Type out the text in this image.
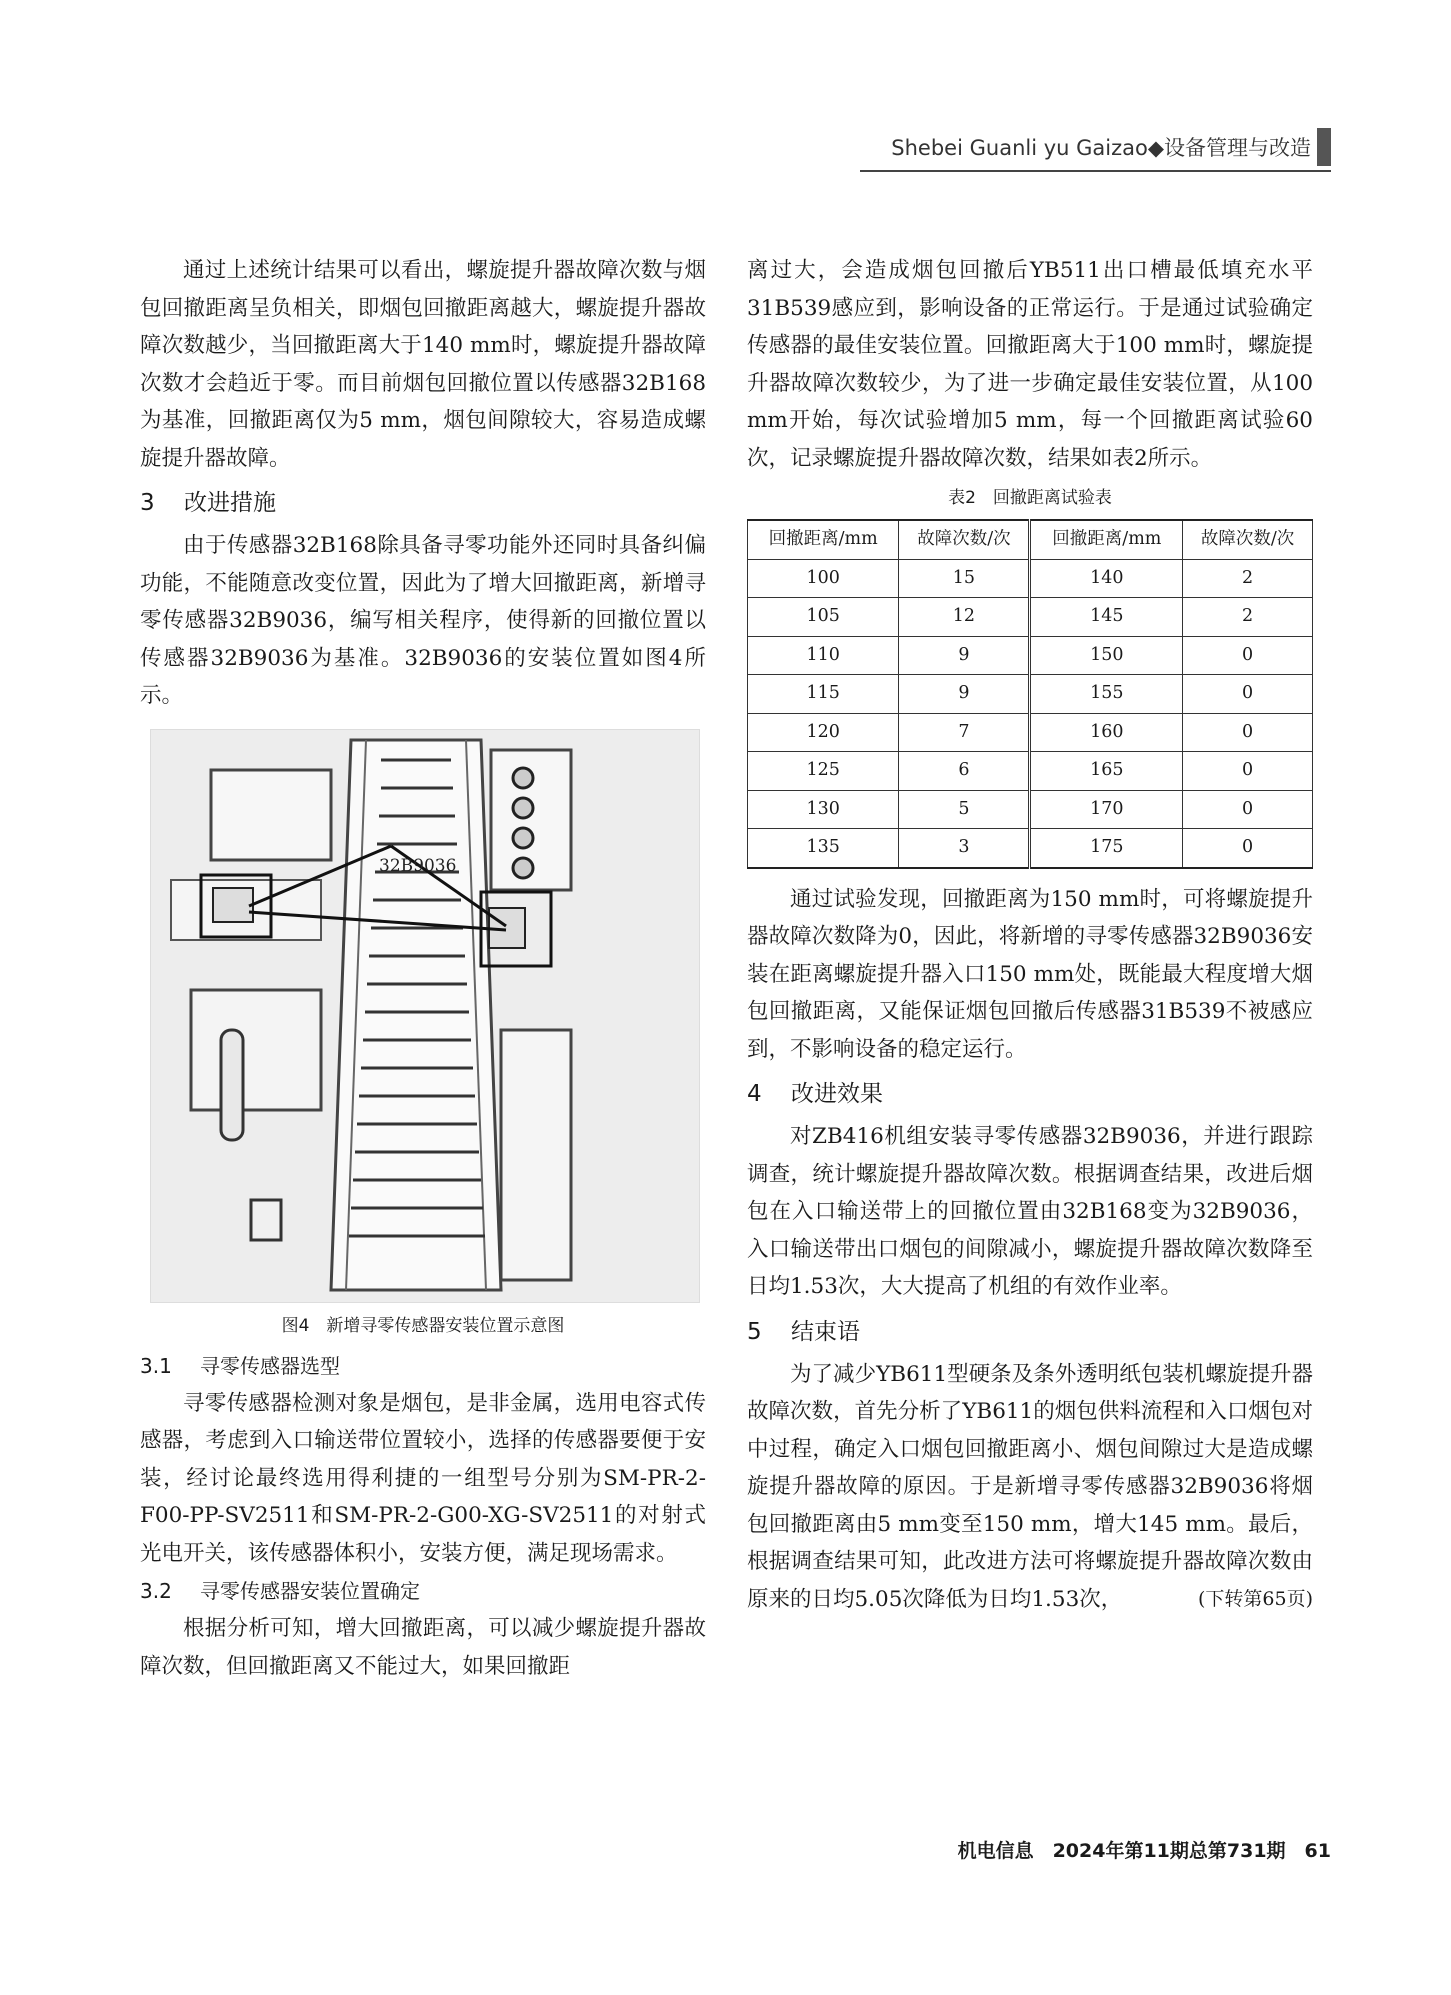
Shebei Guanli yu Gaizao◆设备管理与改造

通过上述统计结果可以看出，螺旋提升器故障次数与烟包回撤距离呈负相关，即烟包回撤距离越大，螺旋提升器故障次数越少，当回撤距离大于140 mm时，螺旋提升器故障次数才会趋近于零。而目前烟包回撤位置以传感器32B168为基准，回撤距离仅为5 mm，烟包间隙较大，容易造成螺旋提升器故障。

3 改进措施

由于传感器32B168除具备寻零功能外还同时具备纠偏功能，不能随意改变位置，因此为了增大回撤距离，新增寻零传感器32B9036，编写相关程序，使得新的回撤位置以传感器32B9036为基准。32B9036的安装位置如图4所示。

32B9036
图4　新增寻零传感器安装位置示意图
3.1 寻零传感器选型

寻零传感器检测对象是烟包，是非金属，选用电容式传感器，考虑到入口输送带位置较小，选择的传感器要便于安装，经讨论最终选用得利捷的一组型号分别为SM-PR-2-F00-PP-SV2511和SM-PR-2-G00-XG-SV2511的对射式光电开关，该传感器体积小，安装方便，满足现场需求。

3.2 寻零传感器安装位置确定

根据分析可知，增大回撤距离，可以减少螺旋提升器故障次数，但回撤距离又不能过大，如果回撤距

离过大，会造成烟包回撤后YB511出口槽最低填充水平31B539感应到，影响设备的正常运行。于是通过试验确定传感器的最佳安装位置。回撤距离大于100 mm时，螺旋提升器故障次数较少，为了进一步确定最佳安装位置，从100 mm开始，每次试验增加5 mm，每一个回撤距离试验60次，记录螺旋提升器故障次数，结果如表2所示。

表2　回撤距离试验表
回撤距离/mm	故障次数/次	回撤距离/mm	故障次数/次
100	15	140	2
105	12	145	2
110	9	150	0
115	9	155	0
120	7	160	0
125	6	165	0
130	5	170	0
135	3	175	0

通过试验发现，回撤距离为150 mm时，可将螺旋提升器故障次数降为0，因此，将新增的寻零传感器32B9036安装在距离螺旋提升器入口150 mm处，既能最大程度增大烟包回撤距离，又能保证烟包回撤后传感器31B539不被感应到，不影响设备的稳定运行。

4 改进效果

对ZB416机组安装寻零传感器32B9036，并进行跟踪调查，统计螺旋提升器故障次数。根据调查结果，改进后烟包在入口输送带上的回撤位置由32B168变为32B9036，入口输送带出口烟包的间隙减小，螺旋提升器故障次数降至日均1.53次，大大提高了机组的有效作业率。

5 结束语

为了减少YB611型硬条及条外透明纸包装机螺旋提升器故障次数，首先分析了YB611的烟包供料流程和入口烟包对中过程，确定入口烟包回撤距离小、烟包间隙过大是造成螺旋提升器故障的原因。于是新增寻零传感器32B9036将烟包回撤距离由5 mm变至150 mm，增大145 mm。最后，根据调查结果可知，此改进方法可将螺旋提升器故障次数由原来的日均5.05次降低为日均1.53次，	(下转第65页)

机电信息　2024年第11期总第731期　61
